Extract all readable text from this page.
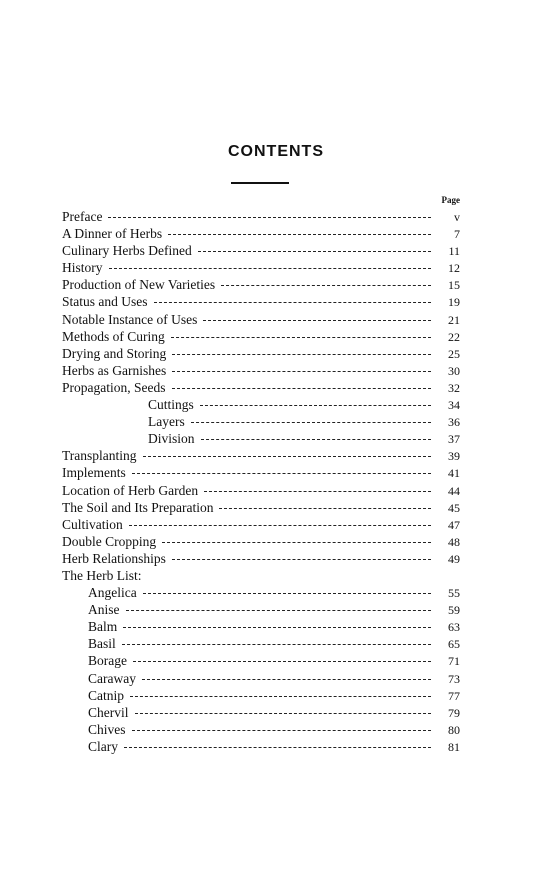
CONTENTS
Page
Preface	v
A Dinner of Herbs	7
Culinary Herbs Defined	11
History	12
Production of New Varieties	15
Status and Uses	19
Notable Instance of Uses	21
Methods of Curing	22
Drying and Storing	25
Herbs as Garnishes	30
Propagation, Seeds	32
Cuttings	34
Layers	36
Division	37
Transplanting	39
Implements	41
Location of Herb Garden	44
The Soil and Its Preparation	45
Cultivation	47
Double Cropping	48
Herb Relationships	49
The Herb List:
Angelica	55
Anise	59
Balm	63
Basil	65
Borage	71
Caraway	73
Catnip	77
Chervil	79
Chives	80
Clary	81
